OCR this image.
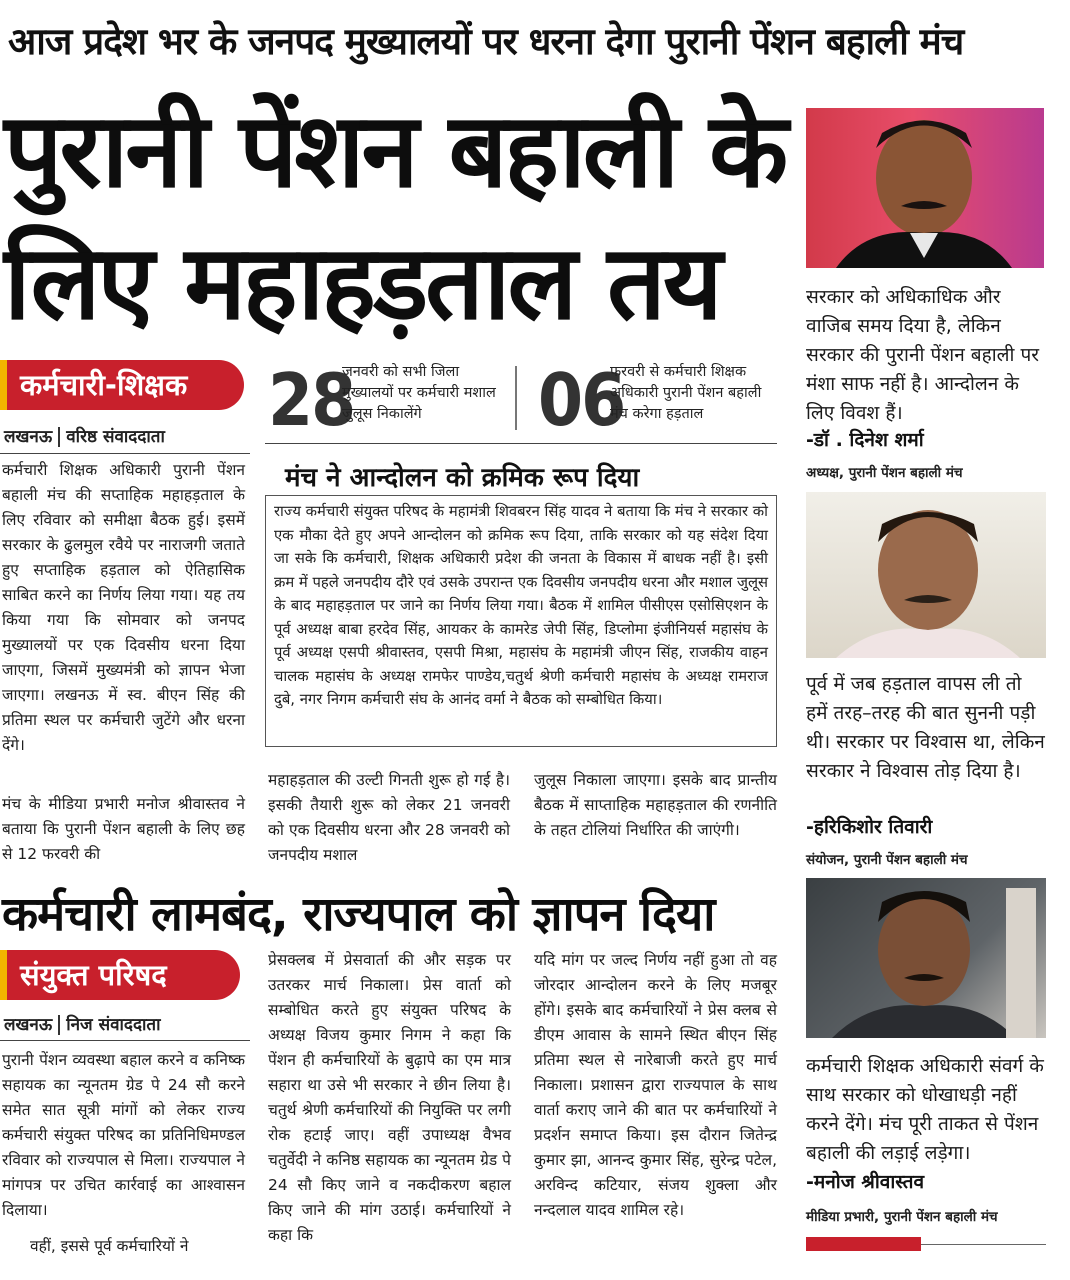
आज प्रदेश भर के जनपद मुख्यालयों पर धरना देगा पुरानी पेंशन बहाली मंच
पुरानी पेंशन बहाली के
लिए महाहड़ताल तय
कर्मचारी-शिक्षक
लखनऊ वरिष्ठ संवाददाता
कर्मचारी शिक्षक अधिकारी पुरानी पेंशन बहाली मंच की सप्ताहिक महाहड़ताल के लिए रविवार को समीक्षा बैठक हुई। इसमें सरकार के ढुलमुल रवैये पर नाराजगी जताते हुए सप्ताहिक हड़ताल को ऐतिहासिक साबित करने का निर्णय लिया गया। यह तय किया गया कि सोमवार को जनपद मुख्यालयों पर एक दिवसीय धरना दिया जाएगा, जिसमें मुख्यमंत्री को ज्ञापन भेजा जाएगा। लखनऊ में स्व. बीएन सिंह की प्रतिमा स्थल पर कर्मचारी जुटेंगे और धरना देंगे।
मंच के मीडिया प्रभारी मनोज श्रीवास्तव ने बताया कि पुरानी पेंशन बहाली के लिए छह से 12 फरवरी की
28
जनवरी को सभी जिला मुख्यालयों पर कर्मचारी मशाल जुलूस निकालेंगे	06
फरवरी से कर्मचारी शिक्षक अधिकारी पुरानी पेंशन बहाली मंच करेगा हड़ताल
मंच ने आन्दोलन को क्रमिक रूप दिया
राज्य कर्मचारी संयुक्त परिषद के महामंत्री शिवबरन सिंह यादव ने बताया कि मंच ने सरकार को एक मौका देते हुए अपने आन्दोलन को क्रमिक रूप दिया, ताकि सरकार को यह संदेश दिया जा सके कि कर्मचारी, शिक्षक अधिकारी प्रदेश की जनता के विकास में बाधक नहीं है। इसी क्रम में पहले जनपदीय दौरे एवं उसके उपरान्त एक दिवसीय जनपदीय धरना और मशाल जुलूस के बाद महाहड़ताल पर जाने का निर्णय लिया गया। बैठक में शामिल पीसीएस एसोसिएशन के पूर्व अध्यक्ष बाबा हरदेव सिंह, आयकर के कामरेड जेपी सिंह, डिप्लोमा इंजीनियर्स महासंघ के पूर्व अध्यक्ष एसपी श्रीवास्तव, एसपी मिश्रा, महासंघ के महामंत्री जीएन सिंह, राजकीय वाहन चालक महासंघ के अध्यक्ष रामफेर पाण्डेय,चतुर्थ श्रेणी कर्मचारी महासंघ के अध्यक्ष रामराज दुबे, नगर निगम कर्मचारी संघ के आनंद वर्मा ने बैठक को सम्बोधित किया।
महाहड़ताल की उल्टी गिनती शुरू हो गई है। इसकी तैयारी शुरू को लेकर 21 जनवरी को एक दिवसीय धरना और 28 जनवरी को जनपदीय मशाल
जुलूस निकाला जाएगा। इसके बाद प्रान्तीय बैठक में साप्ताहिक महाहड़ताल की रणनीति के तहत टोलियां निर्धारित की जाएंगी।
कर्मचारी लामबंद, राज्यपाल को ज्ञापन दिया
संयुक्त परिषद
लखनऊ निज संवाददाता
पुरानी पेंशन व्यवस्था बहाल करने व कनिष्क सहायक का न्यूनतम ग्रेड पे 24 सौ करने समेत सात सूत्री मांगों को लेकर राज्य कर्मचारी संयुक्त परिषद का प्रतिनिधिमण्डल रविवार को राज्यपाल से मिला। राज्यपाल ने मांगपत्र पर उचित कार्रवाई का आश्वासन दिलाया।
वहीं, इससे पूर्व कर्मचारियों ने
प्रेसक्लब में प्रेसवार्ता की और सड़क पर उतरकर मार्च निकाला। प्रेस वार्ता को सम्बोधित करते हुए संयुक्त परिषद के अध्यक्ष विजय कुमार निगम ने कहा कि पेंशन ही कर्मचारियों के बुढ़ापे का एम मात्र सहारा था उसे भी सरकार ने छीन लिया है। चतुर्थ श्रेणी कर्मचारियों की नियुक्ति पर लगी रोक हटाई जाए। वहीं उपाध्यक्ष वैभव चतुर्वेदी ने कनिष्ठ सहायक का न्यूनतम ग्रेड पे 24 सौ किए जाने व नकदीकरण बहाल किए जाने की मांग उठाई। कर्मचारियों ने कहा कि
यदि मांग पर जल्द निर्णय नहीं हुआ तो वह जोरदार आन्दोलन करने के लिए मजबूर होंगे। इसके बाद कर्मचारियों ने प्रेस क्लब से डीएम आवास के सामने स्थित बीएन सिंह प्रतिमा स्थल से नारेबाजी करते हुए मार्च निकाला। प्रशासन द्वारा राज्यपाल के साथ वार्ता कराए जाने की बात पर कर्मचारियों ने प्रदर्शन समाप्त किया। इस दौरान जितेन्द्र कुमार झा, आनन्द कुमार सिंह, सुरेन्द्र पटेल, अरविन्द कटियार, संजय शुक्ला और नन्दलाल यादव शामिल रहे।
सरकार को अधिकाधिक और वाजिब समय दिया है, लेकिन सरकार की पुरानी पेंशन बहाली पर मंशा साफ नहीं है। आन्दोलन के लिए विवश हैं।
-डॉ . दिनेश शर्मा
अध्यक्ष, पुरानी पेंशन बहाली मंच
पूर्व में जब हड़ताल वापस ली तो हमें तरह–तरह की बात सुननी पड़ी थी। सरकार पर विश्वास था, लेकिन सरकार ने विश्वास तोड़ दिया है।
-हरिकिशोर तिवारी
संयोजन, पुरानी पेंशन बहाली मंच
कर्मचारी शिक्षक अधिकारी संवर्ग के साथ सरकार को धोखाधड़ी नहीं करने देंगे। मंच पूरी ताकत से पेंशन बहाली की लड़ाई लड़ेगा।
-मनोज श्रीवास्तव
मीडिया प्रभारी, पुरानी पेंशन बहाली मंच
